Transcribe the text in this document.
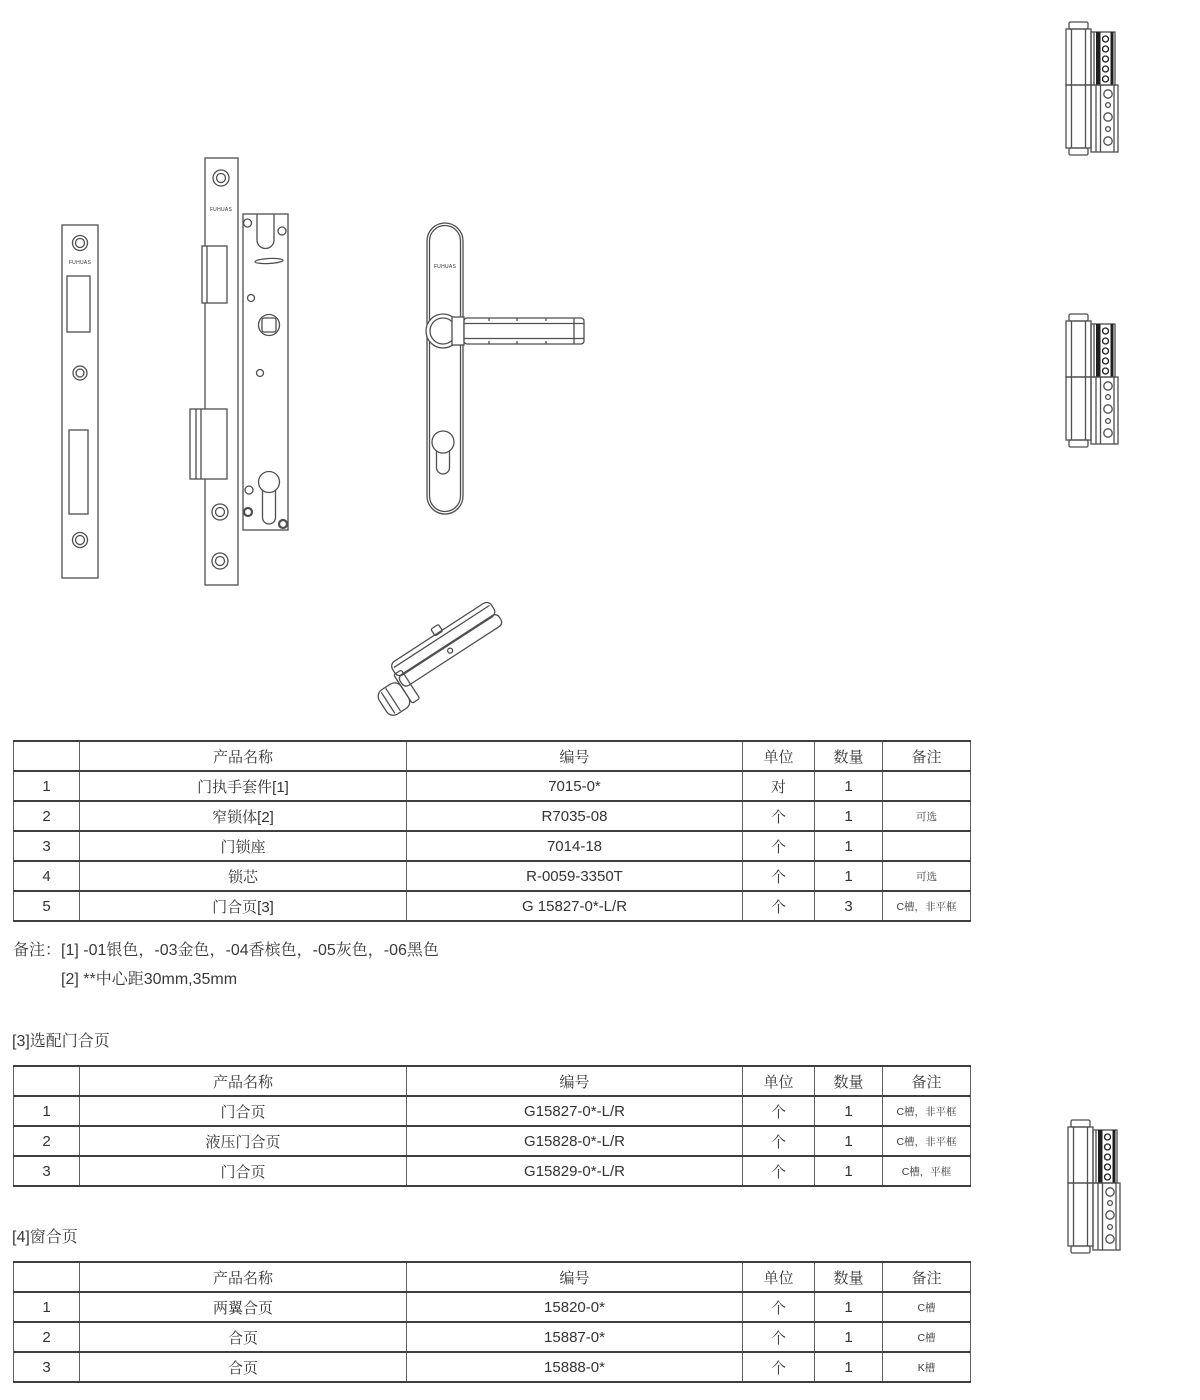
FUHUAS
FUHUAS
FUHUAS
	产品名称	编号	单位	数量	备注
1	门执手套件[1]	7015-0*	对	1	
2	窄锁体[2]	R7035-08	个	1	可选
3	门锁座	7014-18	个	1	
4	锁芯	R-0059-3350T	个	1	可选
5	门合页[3]	G 15827-0*-L/R	个	3	C槽，非平框
备注：[1] -01银色，-03金色，-04香槟色，-05灰色，-06黑色
[2] **中心距30mm,35mm
[3]选配门合页
	产品名称	编号	单位	数量	备注
1	门合页	G15827-0*-L/R	个	1	C槽，非平框
2	液压门合页	G15828-0*-L/R	个	1	C槽，非平框
3	门合页	G15829-0*-L/R	个	1	C槽，平框
[4]窗合页
	产品名称	编号	单位	数量	备注
1	两翼合页	15820-0*	个	1	C槽
2	合页	15887-0*	个	1	C槽
3	合页	15888-0*	个	1	K槽
